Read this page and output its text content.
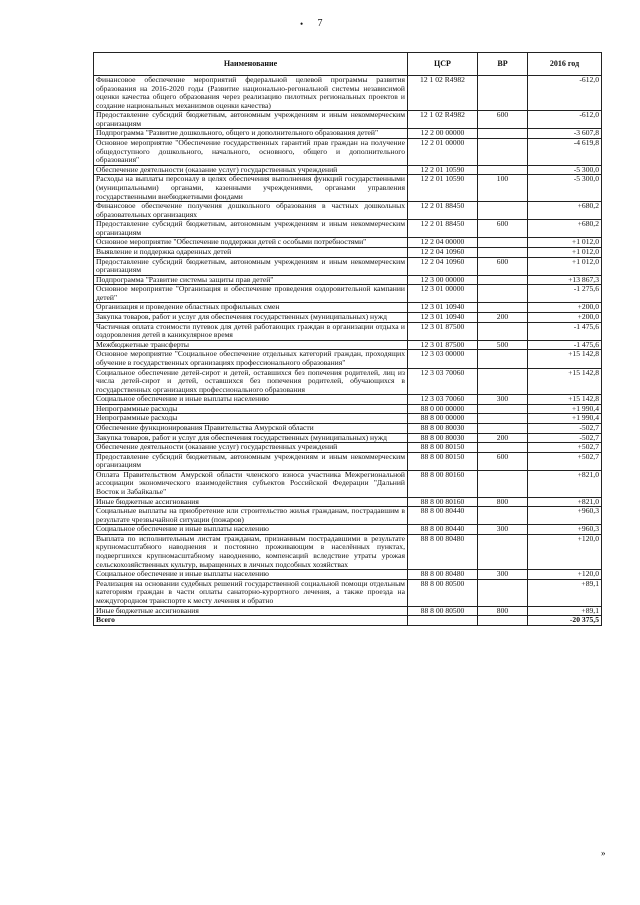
•	7
Наименование	ЦСР	ВР	2016 год
Финансовое обеспечение мероприятий федеральной целевой программы развития образования на 2016-2020 годы (Развитие национально-регональной системы независимой оценки качества общего образования через реализацию пилотных региональных проектов и создание национальных механизмов оценки качества)	12 1 02 R4982		-612,0
Предоставление субсидий бюджетным, автономным учреждениям и иным некоммерческим организациям	12 1 02 R4982	600	-612,0
Подпрограмма "Развитие дошкольного, общего и дополнительного образования детей"	12 2 00 00000		-3 607,8
Основное мероприятие "Обеспечение государственных гарантий прав граждан на получение общедоступного дошкольного, начального, основного, общего и дополнительного образования"	12 2 01 00000		-4 619,8
Обеспечение деятельности (оказание услуг) государственных учреждений	12 2 01 10590		-5 300,0
Расходы на выплаты персоналу в целях обеспечения выполнения функций государственными (муниципальными) органами, казенными учреждениями, органами управления государственными внебюджетными фондами	12 2 01 10590	100	-5 300,0
Финансовое обеспечение получения дошкольного образования в частных дошкольных образовательных организациях	12 2 01 88450		+680,2
Предоставление субсидий бюджетным, автономным учреждениям и иным некоммерческим организациям	12 2 01 88450	600	+680,2
Основное мероприятие "Обеспечение поддержки детей с особыми потребностями"	12 2 04 00000		+1 012,0
Выявление и поддержка одаренных детей	12 2 04 10960		+1 012,0
Предоставление субсидий бюджетным, автономным учреждениям и иным некоммерческим организациям	12 2 04 10960	600	+1 012,0
Подпрограмма "Развитие системы защиты прав детей"	12 3 00 00000		+13 867,3
Основное мероприятие "Организация и обеспечение проведения оздоровительной кампании детей"	12 3 01 00000		-1 275,6
Организация и проведение областных профильных смен	12 3 01 10940		+200,0
Закупка товаров, работ и услуг для обеспечения государственных (муниципальных) нужд	12 3 01 10940	200	+200,0
Частичная оплата стоимости путевок для детей работающих граждан в организации отдыха и оздоровления детей в каникулярное время	12 3 01 87500		-1 475,6
Межбюджетные трансферты	12 3 01 87500	500	-1 475,6
Основное мероприятие "Социальное обеспечение отдельных категорий граждан, проходящих обучение в государственных организациях профессионального образования"	12 3 03 00000		+15 142,8
Социальное обеспечение детей-сирот и детей, оставшихся без попечения родителей, лиц из числа детей-сирот и детей, оставшихся без попечения родителей, обучающихся в государственных организациях профессионального образования	12 3 03 70060		+15 142,8
Социальное обеспечение и иные выплаты населению	12 3 03 70060	300	+15 142,8
Непрограммные расходы	88 0 00 00000		+1 990,4
Непрограммные расходы	88 8 00 00000		+1 990,4
Обеспечение функционирования Правительства Амурской области	88 8 00 80030		-502,7
Закупка товаров, работ и услуг для обеспечения государственных (муниципальных) нужд	88 8 00 80030	200	-502,7
Обеспечение деятельности (оказание услуг) государственных учреждений	88 8 00 80150		+502,7
Предоставление субсидий бюджетным, автономным учреждениям и иным некоммерческим организациям	88 8 00 80150	600	+502,7
Оплата Правительством Амурской области членского взноса участника Межрегиональной ассоциации экономического взаимодействия субъектов Российской Федерации "Дальний Восток и Забайкалье"	88 8 00 80160		+821,0
Иные бюджетные ассигнования	88 8 00 80160	800	+821,0
Социальные выплаты на приобретение или строительство жилья гражданам, пострадавшим в результате чрезвычайной ситуации (пожаров)	88 8 00 80440		+960,3
Социальное обеспечение и иные выплаты населению	88 8 00 80440	300	+960,3
Выплата по исполнительным листам гражданам, признанным пострадавшими в результате крупномасштабного наводнения и постоянно проживающим в населённых пунктах, подвергшихся крупномасштабному наводнению, компенсаций вследствие утраты урожая сельскохозяйственных культур, выращенных в личных подсобных хозяйствах	88 8 00 80480		+120,0
Социальное обеспечение и иные выплаты населению	88 8 00 80480	300	+120,0
Реализация на основании судебных решений государственной социальной помощи отдельным категориям граждан в части оплаты санаторно-курортного лечения, а также проезда на междугородном транспорте к месту лечения и обратно	88 8 00 80500		+89,1
Иные бюджетные ассигнования	88 8 00 80500	800	+89,1
Всего			-20 375,5
»
